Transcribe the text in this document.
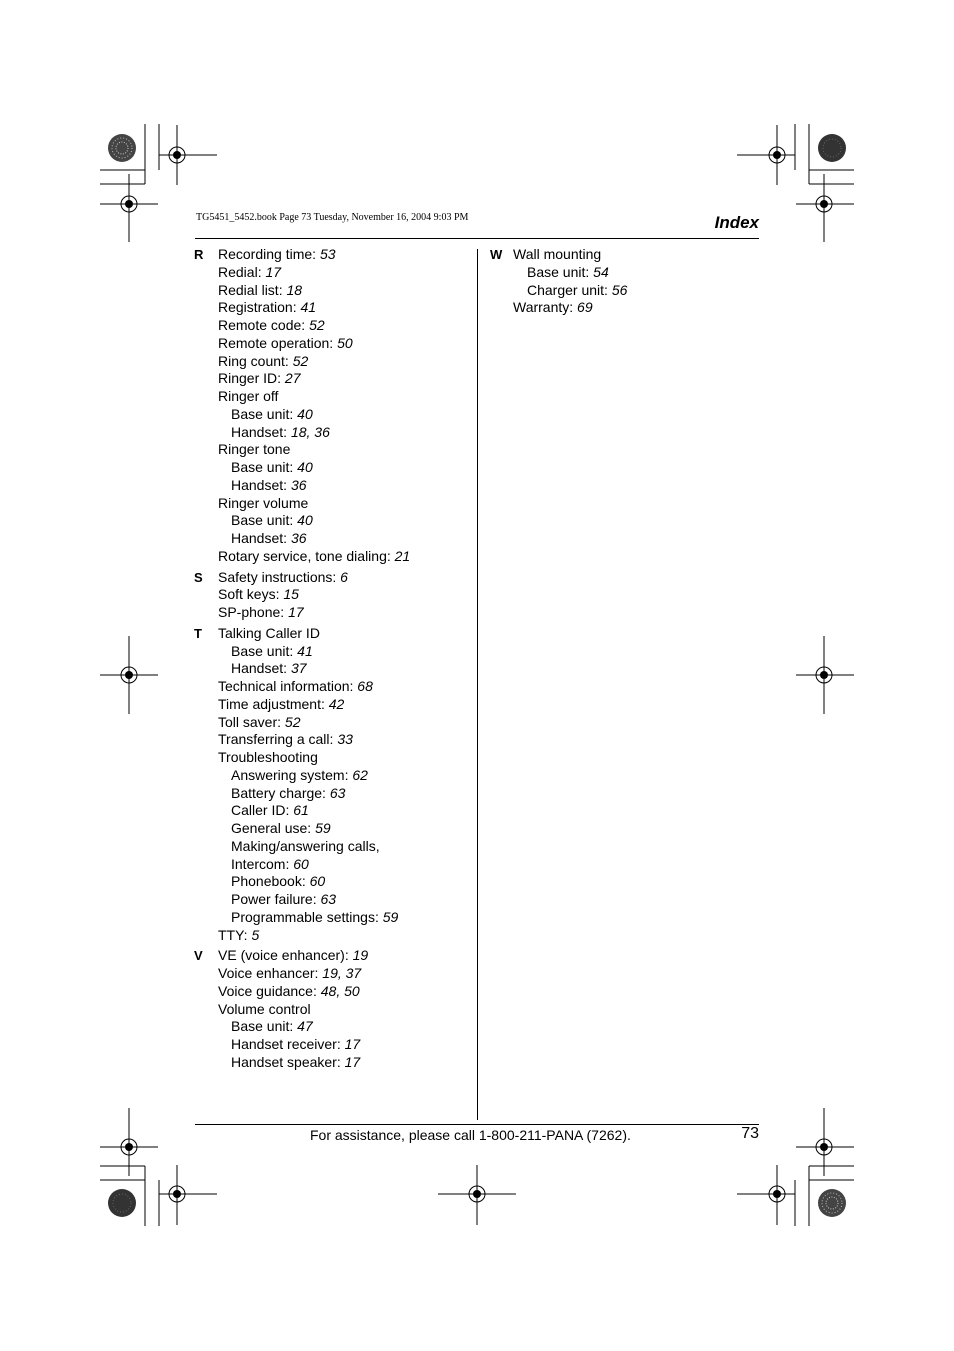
TG5451_5452.book Page 73 Tuesday, November 16, 2004 9:03 PM	Index
R	Recording time: 53
Redial: 17
Redial list: 18
Registration: 41
Remote code: 52
Remote operation: 50
Ring count: 52
Ringer ID: 27
Ringer off
Base unit: 40
Handset: 18, 36
Ringer tone
Base unit: 40
Handset: 36
Ringer volume
Base unit: 40
Handset: 36
Rotary service, tone dialing: 21
S	Safety instructions: 6
Soft keys: 15
SP-phone: 17
T	Talking Caller ID
Base unit: 41
Handset: 37
Technical information: 68
Time adjustment: 42
Toll saver: 52
Transferring a call: 33
Troubleshooting
Answering system: 62
Battery charge: 63
Caller ID: 61
General use: 59
Making/answering calls,
Intercom: 60
Phonebook: 60
Power failure: 63
Programmable settings: 59
TTY: 5
V	VE (voice enhancer): 19
Voice enhancer: 19, 37
Voice guidance: 48, 50
Volume control
Base unit: 47
Handset receiver: 17
Handset speaker: 17
W Wall mounting
Base unit: 54
Charger unit: 56
Warranty: 69
For assistance, please call 1-800-211-PANA (7262).	73
